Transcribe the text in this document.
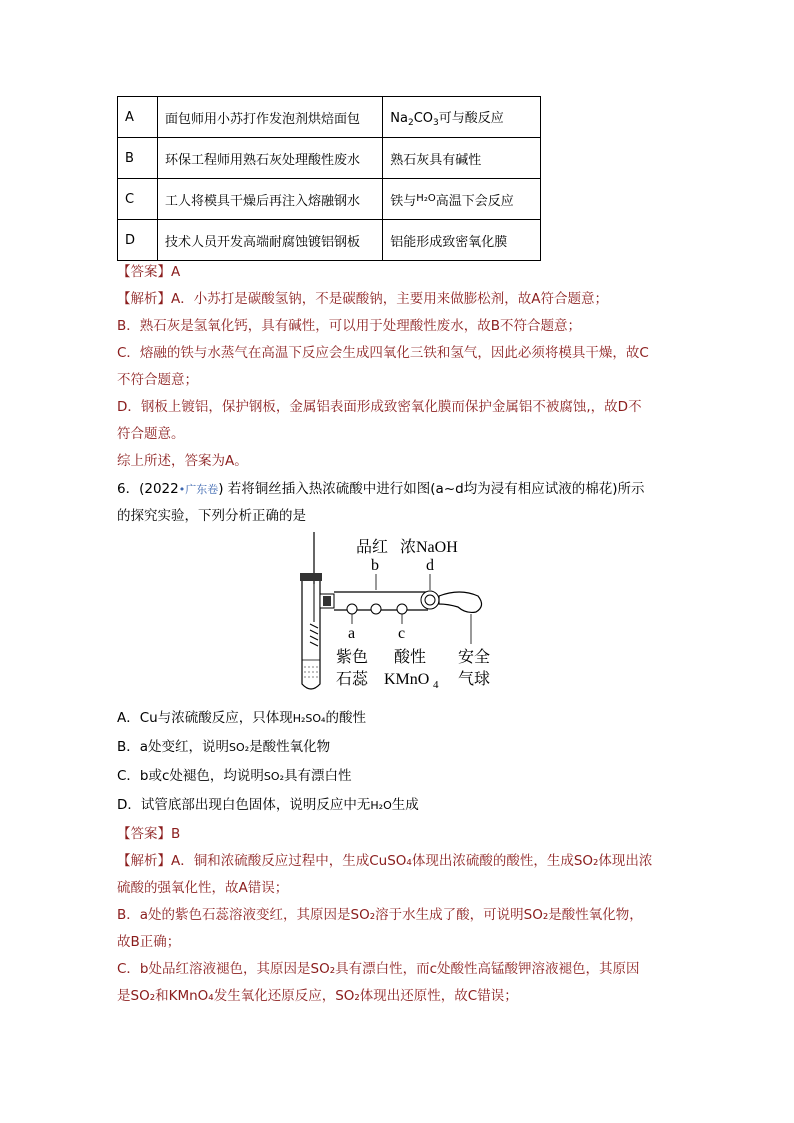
A	面包师用小苏打作发泡剂烘焙面包	$Na_2CO_3$可与酸反应
B	环保工程师用熟石灰处理酸性废水	熟石灰具有碱性
C	工人将模具干燥后再注入熔融钢水	铁与$^{H_2O}$高温下会反应
D	技术人员开发高端耐腐蚀镀铝钢板	铝能形成致密氧化膜
【答案】A
【解析】A．小苏打是碳酸氢钠，不是碳酸钠，主要用来做膨松剂，故A符合题意；
B．熟石灰是氢氧化钙，具有碱性，可以用于处理酸性废水，故B不符合题意；
C．熔融的铁与水蒸气在高温下反应会生成四氧化三铁和氢气，因此必须将模具干燥，故C
不符合题意；
D．钢板上镀铝，保护钢板，金属铝表面形成致密氧化膜而保护金属铝不被腐蚀,，故D不
符合题意。
综上所述，答案为A。
6．(2022•广东卷) 若将铜丝插入热浓硫酸中进行如图(a~d均为浸有相应试液的棉花)所示
的探究实验，下列分析正确的是
品红 浓NaOH
b	d
a	c
紫色
石蕊
酸性
KMnO 4
安全
气球
A．Cu与浓硫酸反应，只体现H₂SO₄的酸性
B．a处变红，说明SO₂是酸性氧化物
C．b或c处褪色，均说明SO₂具有漂白性
D．试管底部出现白色固体，说明反应中无H₂O生成
【答案】B
【解析】A．铜和浓硫酸反应过程中，生成CuSO₄体现出浓硫酸的酸性，生成SO₂体现出浓
硫酸的强氧化性，故A错误；
B．a处的紫色石蕊溶液变红，其原因是SO₂溶于水生成了酸，可说明SO₂是酸性氧化物，
故B正确；
C．b处品红溶液褪色，其原因是SO₂具有漂白性，而c处酸性高锰酸钾溶液褪色，其原因
是SO₂和KMnO₄发生氧化还原反应，SO₂体现出还原性，故C错误；
